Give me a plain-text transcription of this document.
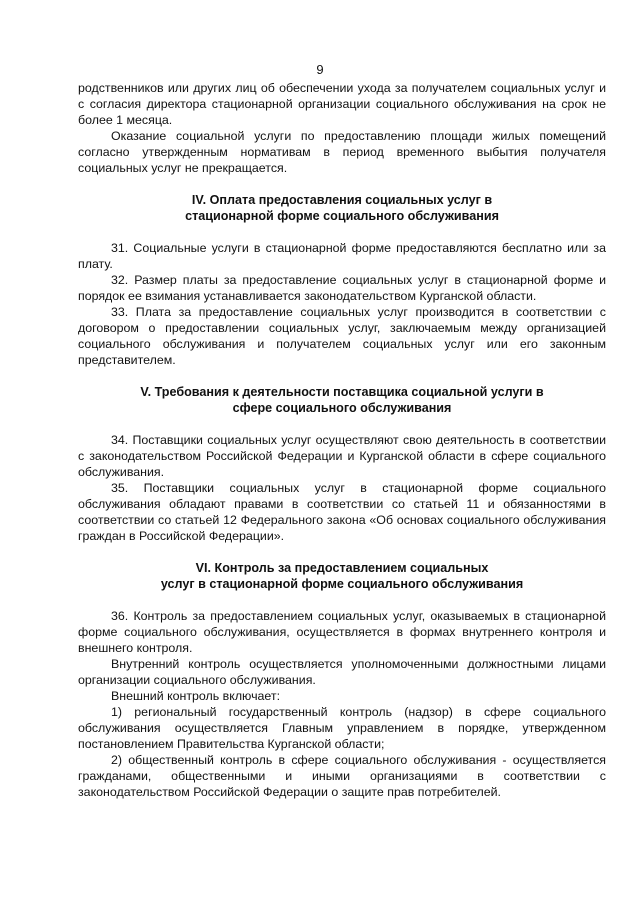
9

родственников или других лиц об обеспечении ухода за получателем социальных услуг и с согласия директора стационарной организации социального обслуживания на срок не более 1 месяца.

Оказание социальной услуги по предоставлению площади жилых помещений согласно утвержденным нормативам в период временного выбытия получателя социальных услуг не прекращается.

IV. Оплата предоставления социальных услуг в
стационарной форме социального обслуживания

31. Социальные услуги в стационарной форме предоставляются бесплатно или за плату.

32. Размер платы за предоставление социальных услуг в стационарной форме и порядок ее взимания устанавливается законодательством Курганской области.

33. Плата за предоставление социальных услуг производится в соответствии с договором о предоставлении социальных услуг, заключаемым между организацией социального обслуживания и получателем социальных услуг или его законным представителем.

V. Требования к деятельности поставщика социальной услуги в
сфере социального обслуживания

34. Поставщики социальных услуг осуществляют свою деятельность в соответствии с законодательством Российской Федерации и Курганской области в сфере социального обслуживания.

35. Поставщики социальных услуг в стационарной форме социального обслуживания обладают правами в соответствии со статьей 11 и обязанностями в соответствии со статьей 12 Федерального закона «Об основах социального обслуживания граждан в Российской Федерации».

VI. Контроль за предоставлением социальных
услуг в стационарной форме социального обслуживания

36. Контроль за предоставлением социальных услуг, оказываемых в стационарной форме социального обслуживания, осуществляется в формах внутреннего контроля и внешнего контроля.

Внутренний контроль осуществляется уполномоченными должностными лицами организации социального обслуживания.

Внешний контроль включает:

1) региональный государственный контроль (надзор) в сфере социального обслуживания осуществляется Главным управлением в порядке, утвержденном постановлением Правительства Курганской области;

2) общественный контроль в сфере социального обслуживания - осуществляется гражданами, общественными и иными организациями в соответствии с законодательством Российской Федерации о защите прав потребителей.
